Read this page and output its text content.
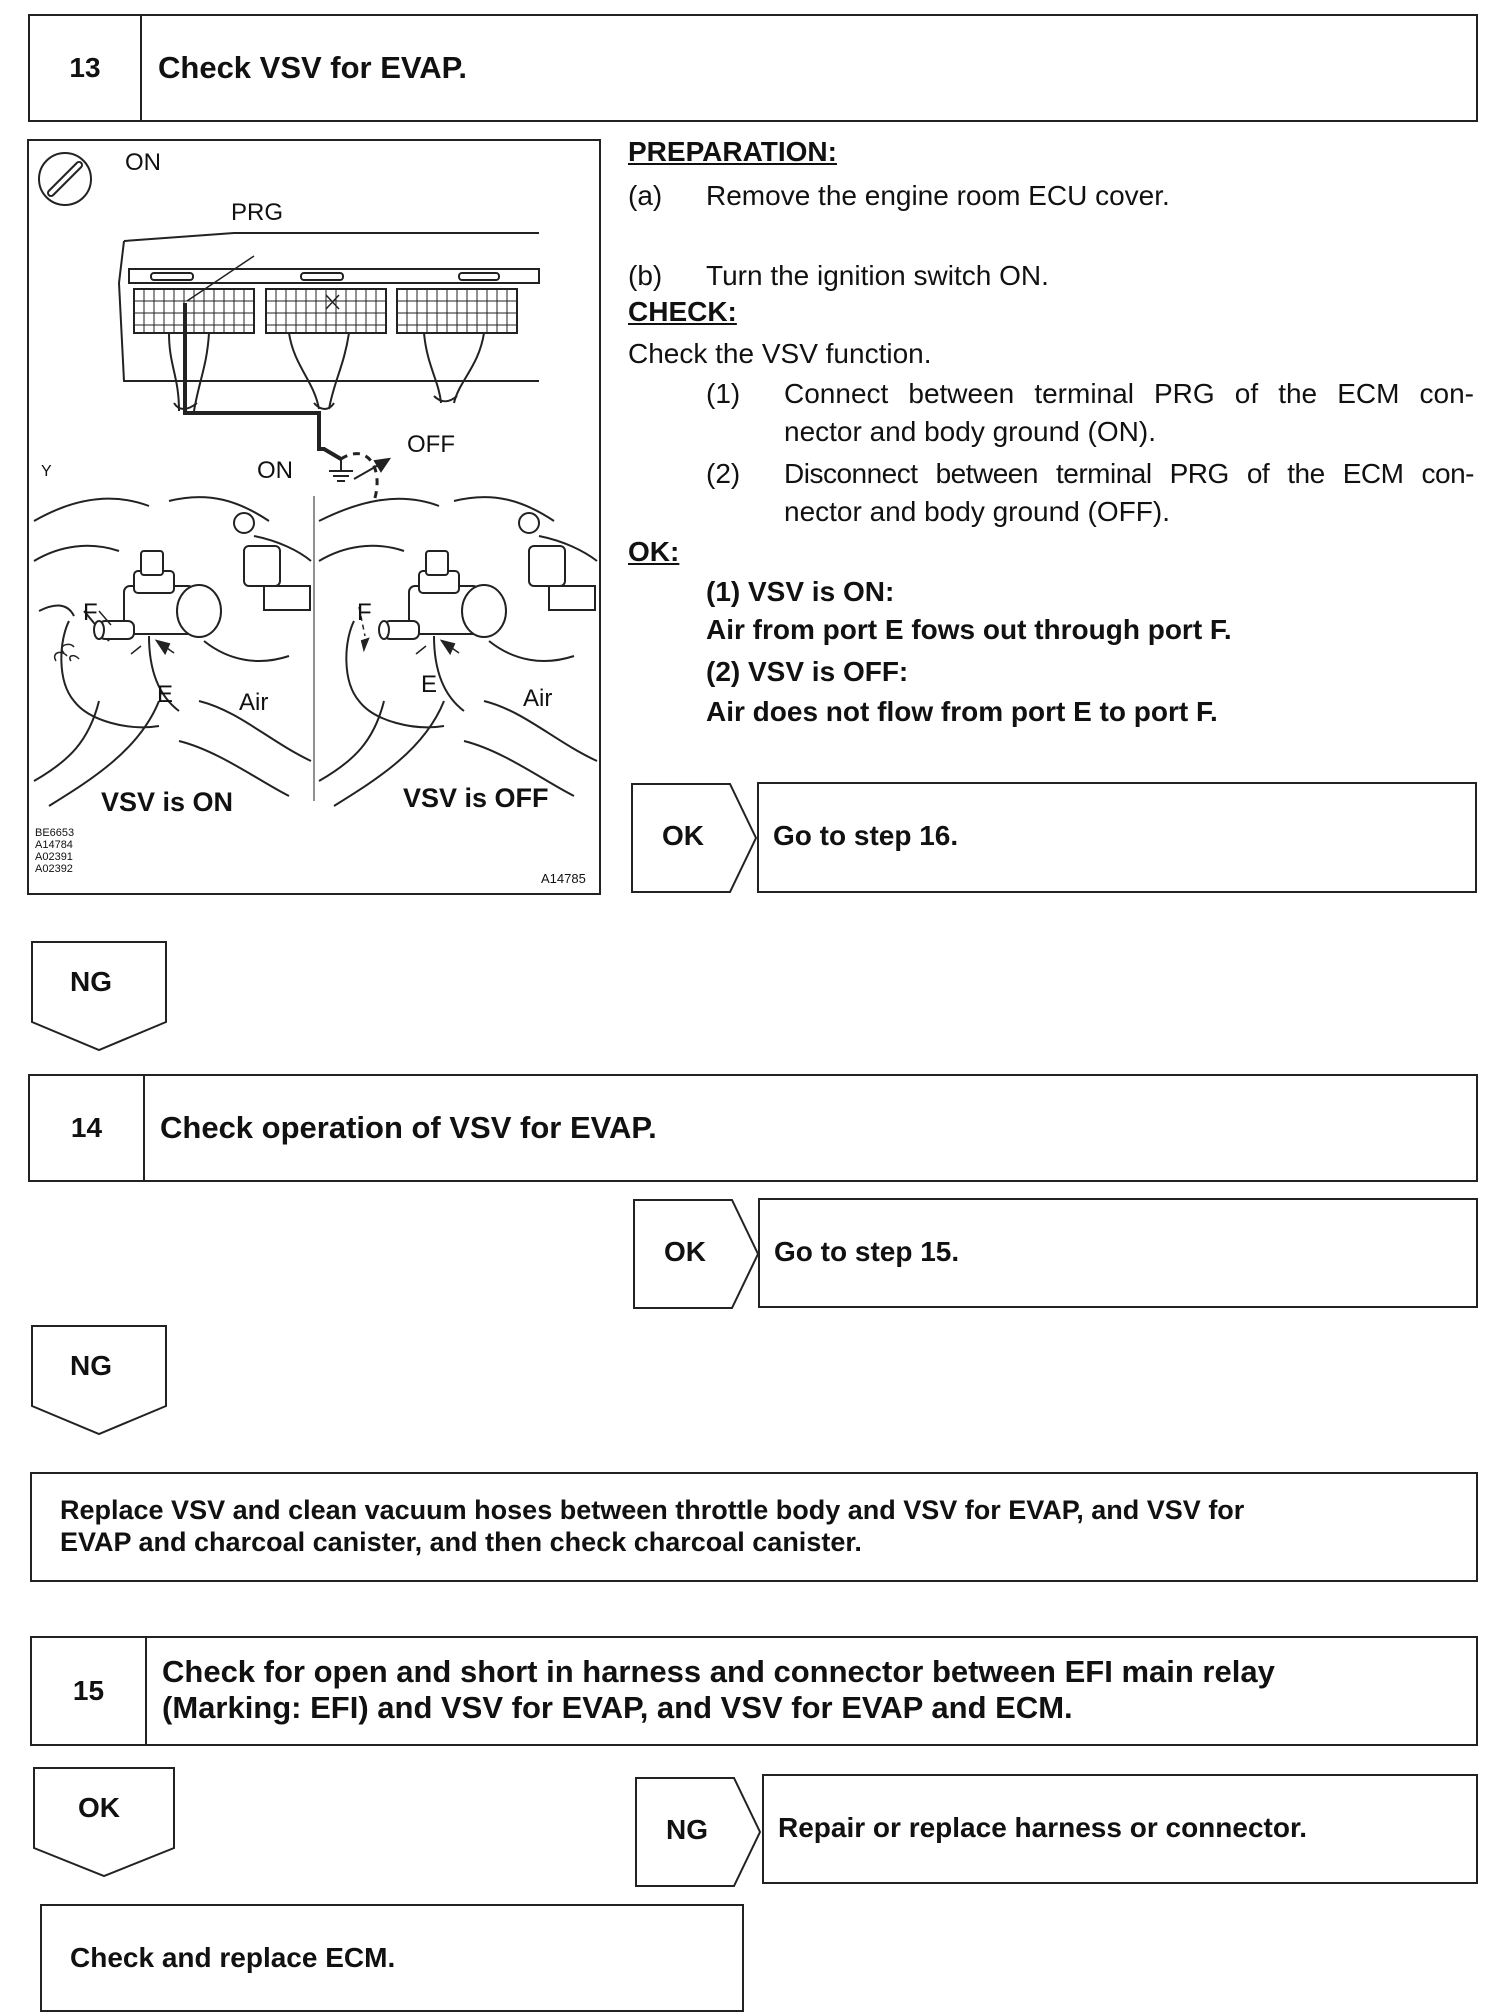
13	Check VSV for EVAP.
ON
PRG
ON
OFF
Y
F
E	Air
F
E
Air
VSV is ON	VSV is OFF
BE6653
A14784
A02391
A02392
A14785
PREPARATION:
(a) Remove the engine room ECU cover.
(b) Turn the ignition switch ON.
CHECK:
Check the VSV function.
(1) Connect between terminal PRG of the ECM con-
nector and body ground (ON).
(2) Disconnect between terminal PRG of the ECM con-
nector and body ground (OFF).
OK:
(1) VSV is ON:
Air from port E fows out through port F.
(2) VSV is OFF:
Air does not flow from port E to port F.
OK Go to step 16.
NG
14	Check operation of VSV for EVAP.
OK Go to step 15.
NG
Replace VSV and clean vacuum hoses between throttle body and VSV for EVAP, and VSV for
EVAP and charcoal canister, and then check charcoal canister.
15
Check for open and short in harness and connector between EFI main relay
(Marking: EFI) and VSV for EVAP, and VSV for EVAP and ECM.
OK
NG	Repair or replace harness or connector.
Check and replace ECM.
